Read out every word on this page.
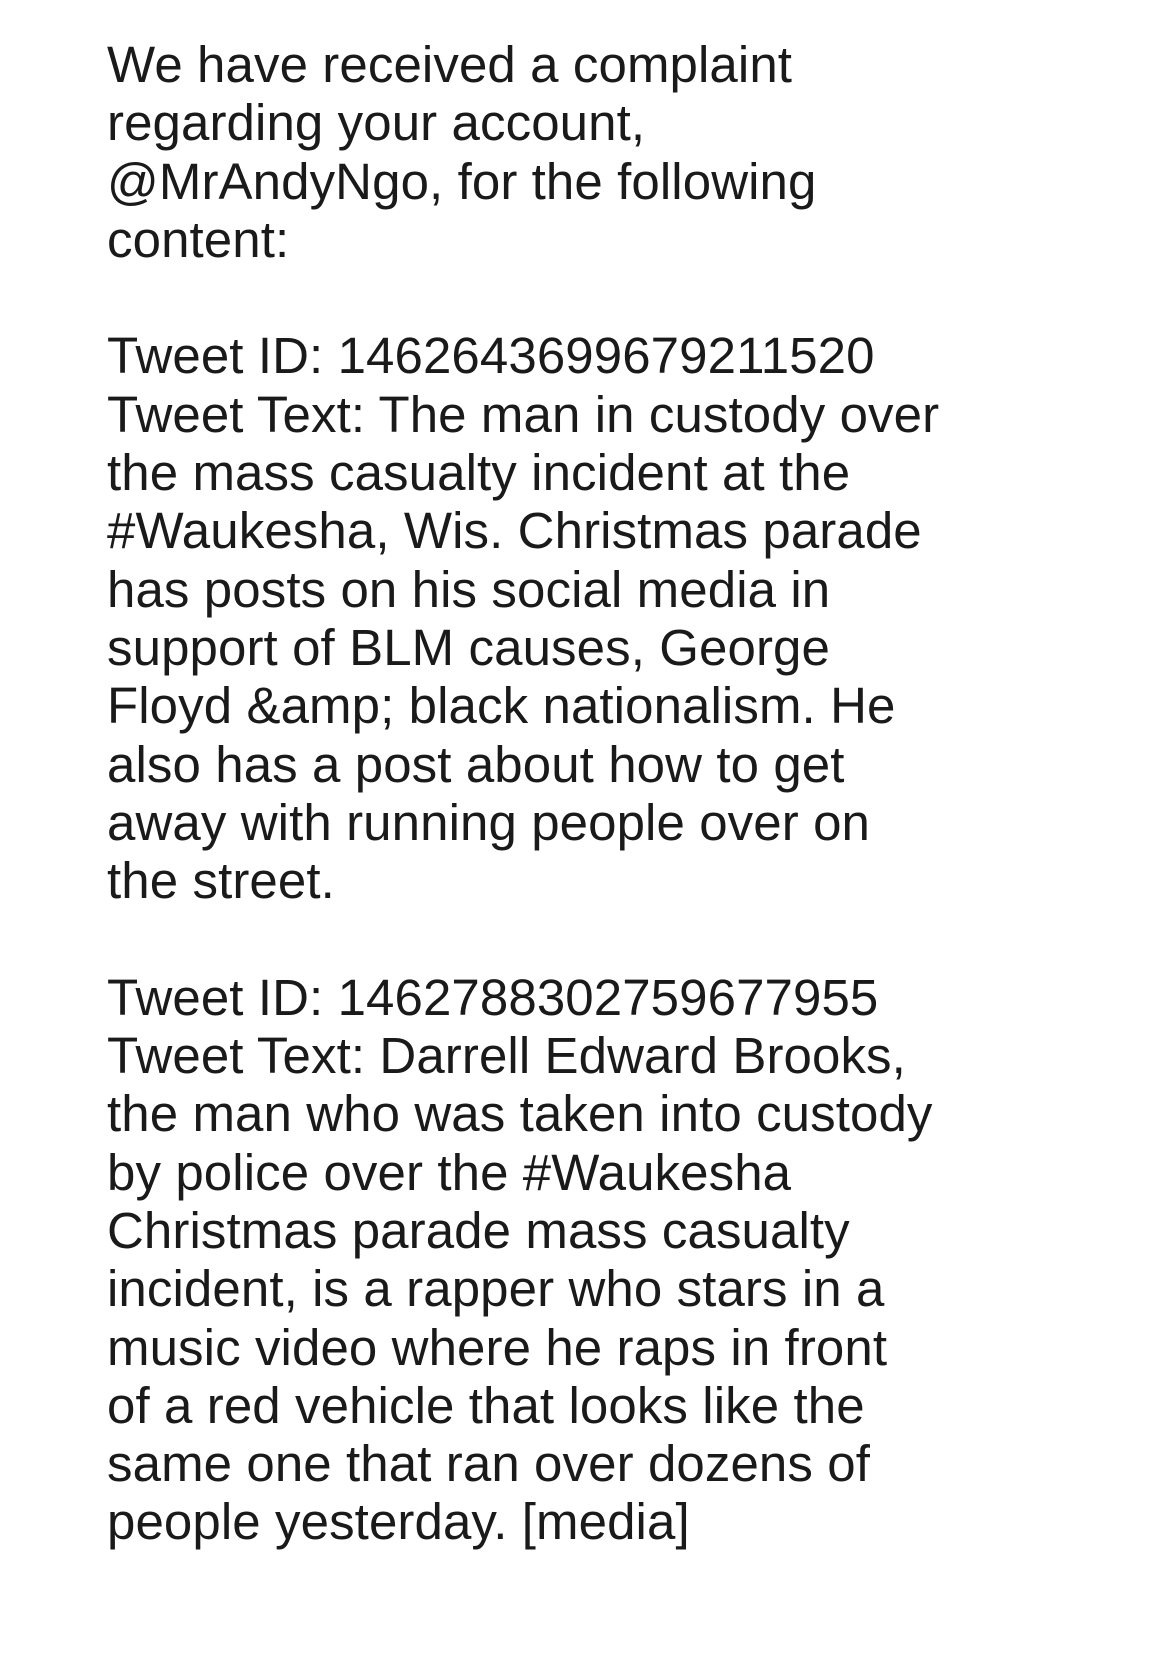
We have received a complaint
regarding your account,
@MrAndyNgo, for the following
content:
Tweet ID: 1462643699679211520
Tweet Text: The man in custody over
the mass casualty incident at the
#Waukesha, Wis. Christmas parade
has posts on his social media in
support of BLM causes, George
Floyd &amp; black nationalism. He
also has a post about how to get
away with running people over on
the street.
Tweet ID: 1462788302759677955
Tweet Text: Darrell Edward Brooks,
the man who was taken into custody
by police over the #Waukesha
Christmas parade mass casualty
incident, is a rapper who stars in a
music video where he raps in front
of a red vehicle that looks like the
same one that ran over dozens of
people yesterday. [media]
